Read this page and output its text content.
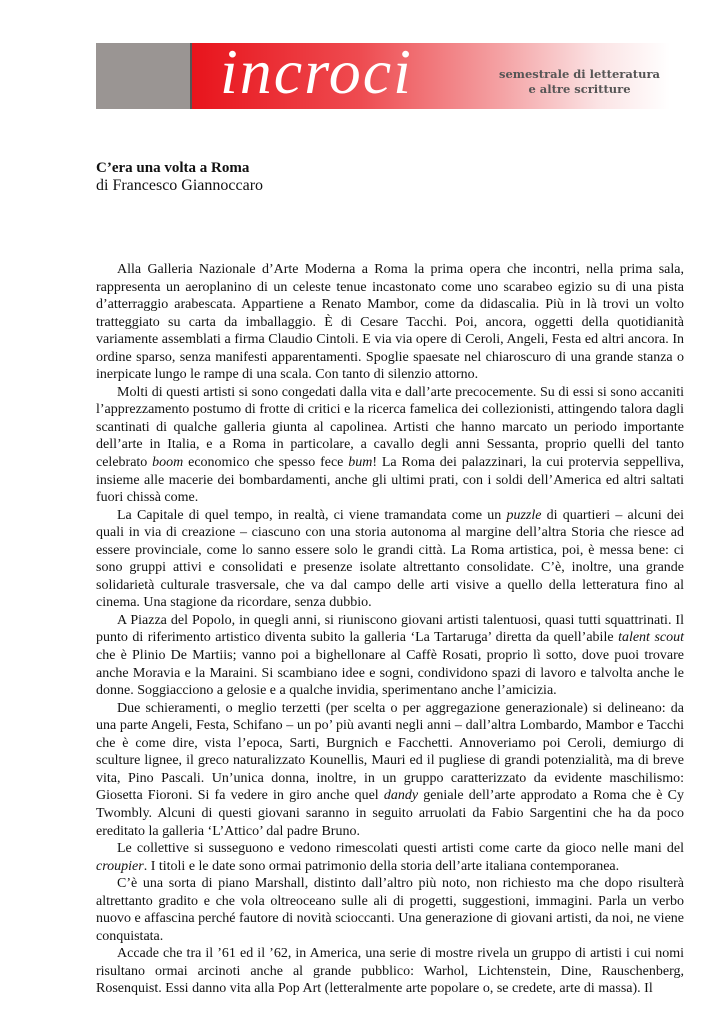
incroci	semestrale di letteratura
e altre scritture
C’era una volta a Roma
di Francesco Giannoccaro

Alla Galleria Nazionale d’Arte Moderna a Roma la prima opera che incontri, nella prima sala, rappresenta un aeroplanino di un celeste tenue incastonato come uno scarabeo egizio su di una pista d’atterraggio arabescata. Appartiene a Renato Mambor, come da didascalia. Più in là trovi un volto tratteggiato su carta da imballaggio. È di Cesare Tacchi. Poi, ancora, oggetti della quotidianità variamente assemblati a firma Claudio Cintoli. E via via opere di Ceroli, Angeli, Festa ed altri ancora. In ordine sparso, senza manifesti apparentamenti. Spoglie spaesate nel chiaroscuro di una grande stanza o inerpicate lungo le rampe di una scala. Con tanto di silenzio attorno.

Molti di questi artisti si sono congedati dalla vita e dall’arte precocemente. Su di essi si sono accaniti l’apprezzamento postumo di frotte di critici e la ricerca famelica dei collezionisti, attingendo talora dagli scantinati di qualche galleria giunta al capolinea. Artisti che hanno marcato un periodo importante dell’arte in Italia, e a Roma in particolare, a cavallo degli anni Sessanta, proprio quelli del tanto celebrato boom economico che spesso fece bum! La Roma dei palazzinari, la cui protervia seppelliva, insieme alle macerie dei bombardamenti, anche gli ultimi prati, con i soldi dell’America ed altri saltati fuori chissà come.

La Capitale di quel tempo, in realtà, ci viene tramandata come un puzzle di quartieri – alcuni dei quali in via di creazione – ciascuno con una storia autonoma al margine dell’altra Storia che riesce ad essere provinciale, come lo sanno essere solo le grandi città. La Roma artistica, poi, è messa bene: ci sono gruppi attivi e consolidati e presenze isolate altrettanto consolidate. C’è, inoltre, una grande solidarietà culturale trasversale, che va dal campo delle arti visive a quello della letteratura fino al cinema. Una stagione da ricordare, senza dubbio.

A Piazza del Popolo, in quegli anni, si riuniscono giovani artisti talentuosi, quasi tutti squattrinati. Il punto di riferimento artistico diventa subito la galleria ‘La Tartaruga’ diretta da quell’abile talent scout che è Plinio De Martiis; vanno poi a bighellonare al Caffè Rosati, proprio lì sotto, dove puoi trovare anche Moravia e la Maraini. Si scambiano idee e sogni, condividono spazi di lavoro e talvolta anche le donne. Soggiacciono a gelosie e a qualche invidia, sperimentano anche l’amicizia.

Due schieramenti, o meglio terzetti (per scelta o per aggregazione generazionale) si delineano: da una parte Angeli, Festa, Schifano – un po’ più avanti negli anni – dall’altra Lombardo, Mambor e Tacchi che è come dire, vista l’epoca, Sarti, Burgnich e Facchetti. Annoveriamo poi Ceroli, demiurgo di sculture lignee, il greco naturalizzato Kounellis, Mauri ed il pugliese di grandi potenzialità, ma di breve vita, Pino Pascali. Un’unica donna, inoltre, in un gruppo caratterizzato da evidente maschilismo: Giosetta Fioroni. Si fa vedere in giro anche quel dandy geniale dell’arte approdato a Roma che è Cy Twombly. Alcuni di questi giovani saranno in seguito arruolati da Fabio Sargentini che ha da poco ereditato la galleria ‘L’Attico’ dal padre Bruno.

Le collettive si susseguono e vedono rimescolati questi artisti come carte da gioco nelle mani del croupier. I titoli e le date sono ormai patrimonio della storia dell’arte italiana contemporanea.

C’è una sorta di piano Marshall, distinto dall’altro più noto, non richiesto ma che dopo risulterà altrettanto gradito e che vola oltreoceano sulle ali di progetti, suggestioni, immagini. Parla un verbo nuovo e affascina perché fautore di novità scioccanti. Una generazione di giovani artisti, da noi, ne viene conquistata.

Accade che tra il ’61 ed il ’62, in America, una serie di mostre rivela un gruppo di artisti i cui nomi risultano ormai arcinoti anche al grande pubblico: Warhol, Lichtenstein, Dine, Rauschenberg, Rosenquist. Essi danno vita alla Pop Art (letteralmente arte popolare o, se credete, arte di massa). Il
